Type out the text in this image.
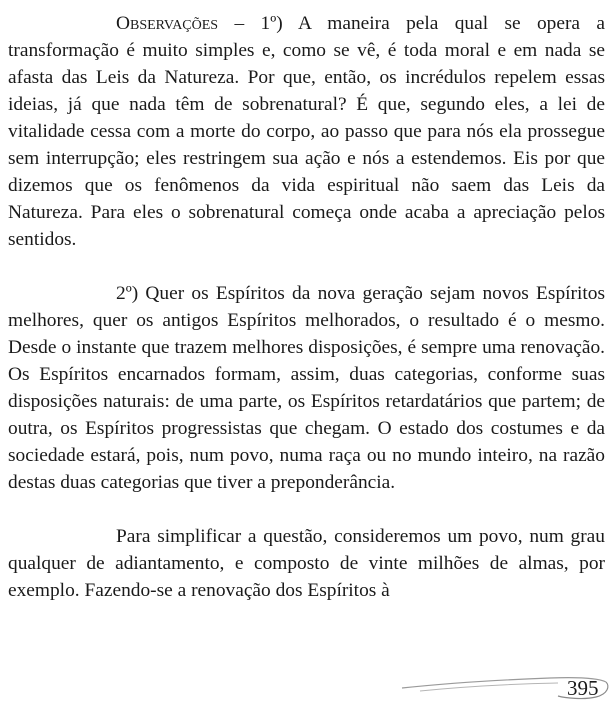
Observações – 1º) A maneira pela qual se opera a transformação é muito simples e, como se vê, é toda moral e em nada se afasta das Leis da Natureza. Por que, então, os incrédulos repelem essas ideias, já que nada têm de sobrenatural? É que, segundo eles, a lei de vitalidade cessa com a morte do corpo, ao passo que para nós ela prossegue sem interrupção; eles restringem sua ação e nós a estendemos. Eis por que dizemos que os fenômenos da vida espiritual não saem das Leis da Natureza. Para eles o sobrenatural começa onde acaba a apreciação pelos sentidos.

2º) Quer os Espíritos da nova geração sejam novos Espíritos melhores, quer os antigos Espíritos melhorados, o resultado é o mesmo. Desde o instante que trazem melhores disposições, é sempre uma renovação. Os Espíritos encarnados formam, assim, duas categorias, conforme suas disposições naturais: de uma parte, os Espíritos retardatários que partem; de outra, os Espíritos progressistas que chegam. O estado dos costumes e da sociedade estará, pois, num povo, numa raça ou no mundo inteiro, na razão destas duas categorias que tiver a preponderância.

Para simplificar a questão, consideremos um povo, num grau qualquer de adiantamento, e composto de vinte milhões de almas, por exemplo. Fazendo-se a renovação dos Espíritos à

395
